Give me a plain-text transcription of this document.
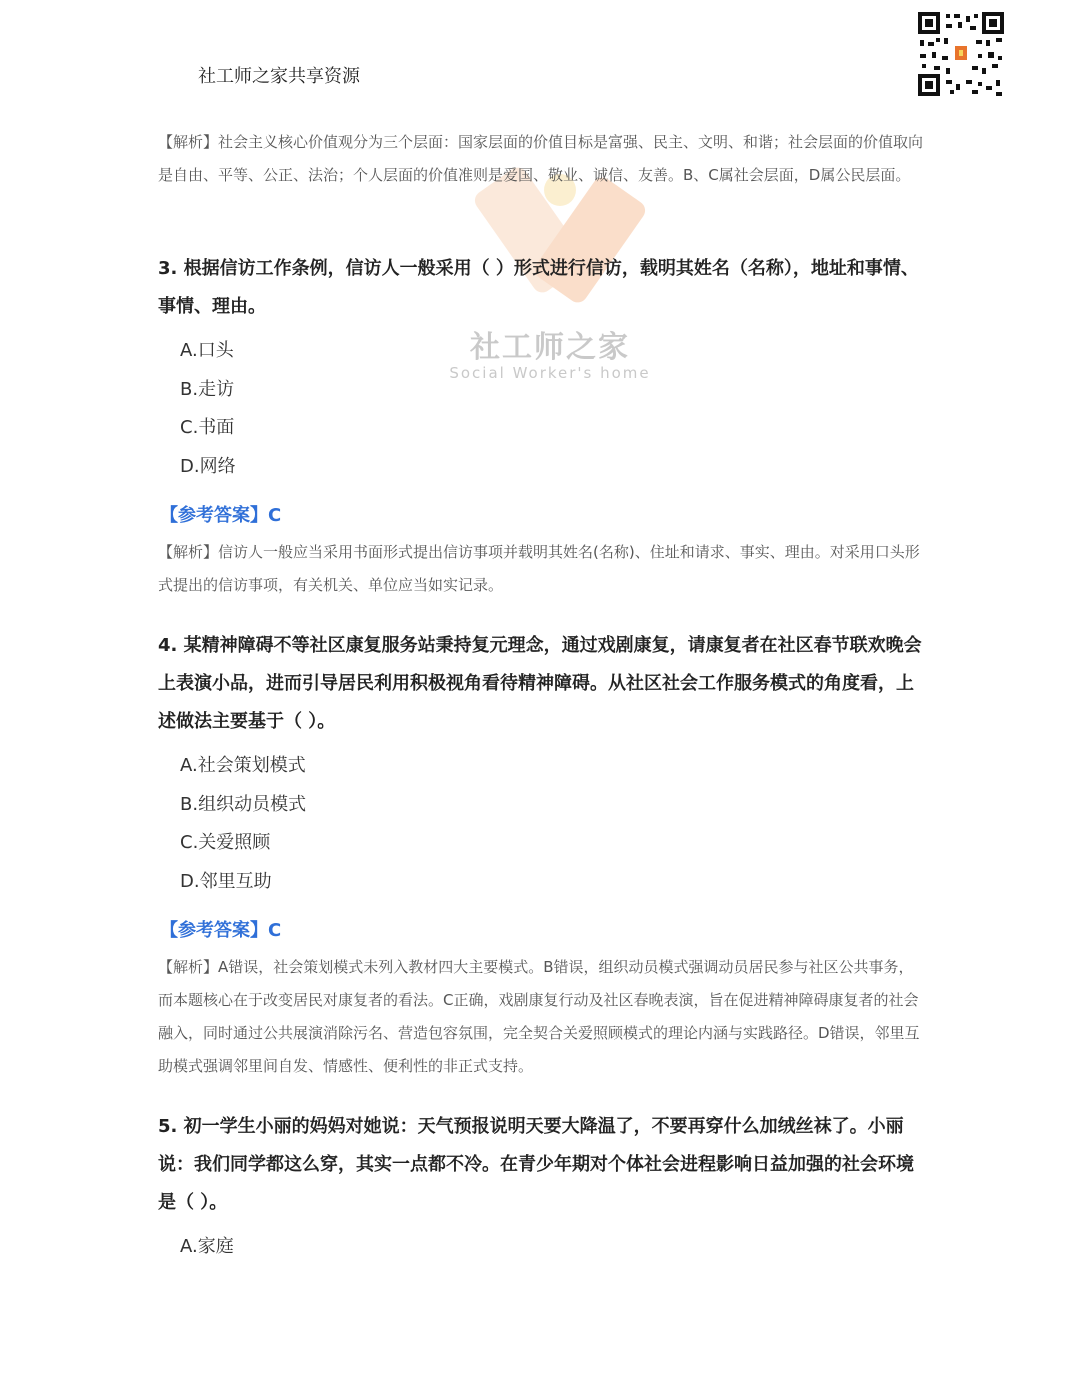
社工师之家
Social Worker's home
社工师之家共享资源
【解析】社会主义核心价值观分为三个层面：国家层面的价值目标是富强、民主、文明、和谐；社会层面的价值取向是自由、平等、公正、法治；个人层面的价值准则是爱国、敬业、诚信、友善。B、C属社会层面，D属公民层面。
3. 根据信访工作条例，信访人一般采用（ ）形式进行信访，载明其姓名（名称），地址和事情、事情、理由。
A.口头
B.走访
C.书面
D.网络
【参考答案】C
【解析】信访人一般应当采用书面形式提出信访事项并载明其姓名(名称)、住址和请求、事实、理由。对采用口头形式提出的信访事项，有关机关、单位应当如实记录。
4. 某精神障碍不等社区康复服务站秉持复元理念，通过戏剧康复，请康复者在社区春节联欢晚会上表演小品，进而引导居民利用积极视角看待精神障碍。从社区社会工作服务模式的角度看，上述做法主要基于（ ）。
A.社会策划模式
B.组织动员模式
C.关爱照顾
D.邻里互助
【参考答案】C
【解析】A错误，社会策划模式未列入教材四大主要模式。B错误，组织动员模式强调动员居民参与社区公共事务，而本题核心在于改变居民对康复者的看法。C正确，戏剧康复行动及社区春晚表演，旨在促进精神障碍康复者的社会融入，同时通过公共展演消除污名、营造包容氛围，完全契合关爱照顾模式的理论内涵与实践路径。D错误，邻里互助模式强调邻里间自发、情感性、便利性的非正式支持。
5. 初一学生小丽的妈妈对她说：天气预报说明天要大降温了，不要再穿什么加绒丝袜了。小丽说：我们同学都这么穿，其实一点都不冷。在青少年期对个体社会进程影响日益加强的社会环境是（ ）。
A.家庭
